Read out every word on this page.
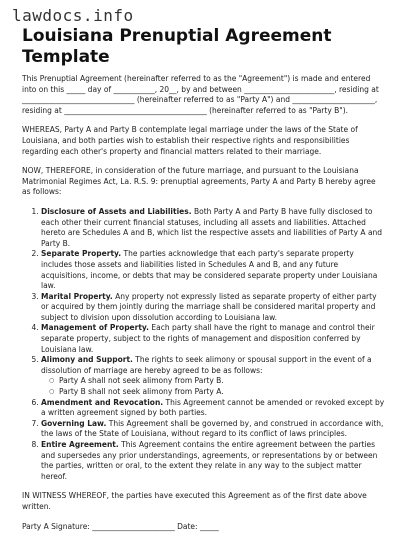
lawdocs.info
Louisiana Prenuptial Agreement Template

This Prenuptial Agreement (hereinafter referred to as the "Agreement") is made and entered into on this _____ day of ___________, 20__, by and between ________________________, residing at ______________________________ (hereinafter referred to as "Party A") and ______________________, residing at ______________________________________ (hereinafter referred to as "Party B").

WHEREAS, Party A and Party B contemplate legal marriage under the laws of the State of Louisiana, and both parties wish to establish their respective rights and responsibilities regarding each other's property and financial matters related to their marriage.

NOW, THEREFORE, in consideration of the future marriage, and pursuant to the Louisiana Matrimonial Regimes Act, La. R.S. 9: prenuptial agreements, Party A and Party B hereby agree as follows:

1. Disclosure of Assets and Liabilities. Both Party A and Party B have fully disclosed to each other their current financial statuses, including all assets and liabilities. Attached hereto are Schedules A and B, which list the respective assets and liabilities of Party A and Party B.
2. Separate Property. The parties acknowledge that each party's separate property includes those assets and liabilities listed in Schedules A and B, and any future acquisitions, income, or debts that may be considered separate property under Louisiana law.
3. Marital Property. Any property not expressly listed as separate property of either party or acquired by them jointly during the marriage shall be considered marital property and subject to division upon dissolution according to Louisiana law.
4. Management of Property. Each party shall have the right to manage and control their separate property, subject to the rights of management and disposition conferred by Louisiana law.
5. Alimony and Support. The rights to seek alimony or spousal support in the event of a dissolution of marriage are hereby agreed to be as follows:
○ Party A shall not seek alimony from Party B.
○ Party B shall not seek alimony from Party A.
6. Amendment and Revocation. This Agreement cannot be amended or revoked except by a written agreement signed by both parties.
7. Governing Law. This Agreement shall be governed by, and construed in accordance with, the laws of the State of Louisiana, without regard to its conflict of laws principles.
8. Entire Agreement. This Agreement contains the entire agreement between the parties and supersedes any prior understandings, agreements, or representations by or between the parties, written or oral, to the extent they relate in any way to the subject matter hereof.

IN WITNESS WHEREOF, the parties have executed this Agreement as of the first date above written.

Party A Signature: ______________________ Date: _____
